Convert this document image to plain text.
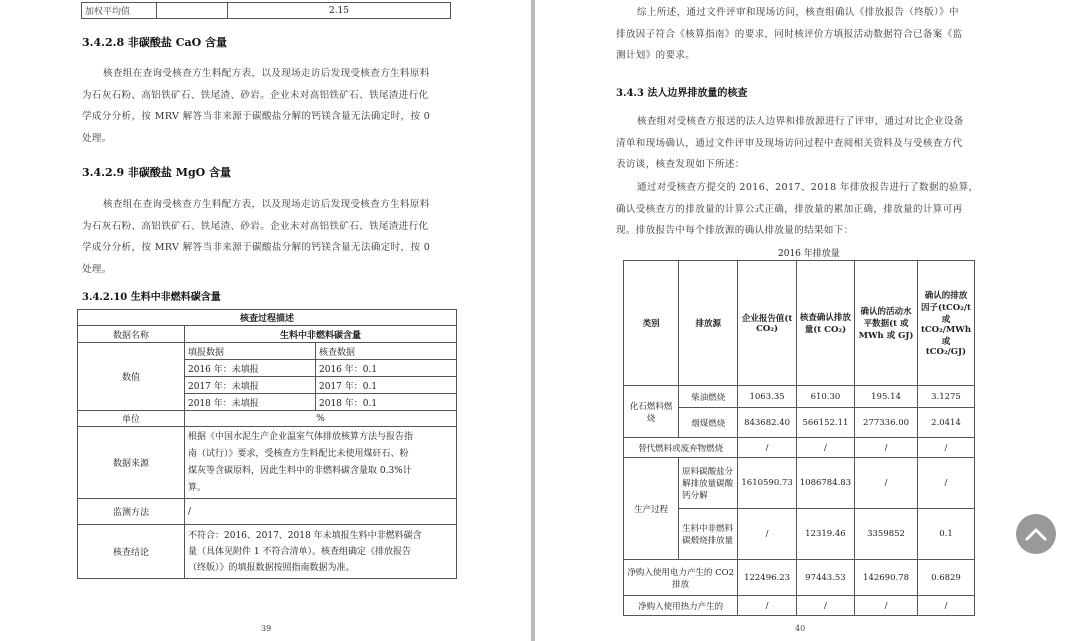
加权平均值		2.15
3.4.2.8 非碳酸盐 CaO 含量
核查组在查询受核查方生料配方表，以及现场走访后发现受核查方生料原料
为石灰石粉、高铝铁矿石、铁尾渣、砂岩。企业未对高铝铁矿石、铁尾渣进行化
学成分分析，按 MRV 解答当非来源于碳酸盐分解的钙镁含量无法确定时，按 0
处理。
3.4.2.9 非碳酸盐 MgO 含量
核查组在查询受核查方生料配方表，以及现场走访后发现受核查方生料原料
为石灰石粉、高铝铁矿石、铁尾渣、砂岩。企业未对高铝铁矿石、铁尾渣进行化
学成分分析，按 MRV 解答当非来源于碳酸盐分解的钙镁含量无法确定时，按 0
处理。
3.4.2.10 生料中非燃料碳含量
核查过程描述		
数据名称	生料中非燃料碳含量	
数值	填报数据	核查数据
	2016 年：未填报	2016 年：0.1
	2017 年：未填报	2017 年：0.1
	2018 年：未填报	2018 年：0.1
单位	%	
数据来源	根据《中国水泥生产企业温室气体排放核算方法与报告指
南（试行）》要求，受核查方生料配比未使用煤矸石、粉
煤灰等含碳原料，因此生料中的非燃料碳含量取 0.3%计
算。	

监测方法	/	
核查结论	不符合：2016、2017、2018 年未填报生料中非燃料碳含
量（具体见附件 1 不符合清单）。核查组确定《排放报告
（终版）》的填报数据按照指南数据为准。	
39
综上所述，通过文件评审和现场访问，核查组确认《排放报告（终版）》中
排放因子符合《核算指南》的要求，同时核评价方填报活动数据符合已备案《监
测计划》的要求。
3.4.3 法人边界排放量的核查
核查组对受核查方报送的法人边界和排放源进行了评审，通过对比企业设备
清单和现场确认，通过文件评审及现场访问过程中查阅相关资料及与受核查方代
表访谈，核查发现如下所述：
通过对受核查方提交的 2016、2017、2018 年排放报告进行了数据的验算，
确认受核查方的排放量的计算公式正确，排放量的累加正确，排放量的计算可再
现。排放报告中每个排放源的确认排放量的结果如下：
2016 年排放量
类别	排放源	企业报告值(t CO₂)	核查确认排放量(t CO₂)	确认的活动水平数据(t 或 MWh 或 GJ)	确认的排放因子(tCO₂/t 或 tCO₂/MWh 或 tCO₂/GJ)
化石燃料燃烧	柴油燃烧	1063.35	610.30	195.14	3.1275
	烟煤燃烧	843682.40	566152.11	277336.00	2.0414
替代燃料或废弃物燃烧		/	/	/	/
生产过程	原料碳酸盐分解排放量碳酸钙分解	1610590.73	1086784.83	/	/
	生料中非燃料碳煅烧排放量	/	12319.46	3359852	0.1
净购入使用电力产生的 CO2 排放		122496.23	97443.53	142690.78	0.6829
净购入使用热力产生的		/	/	/	/
40
